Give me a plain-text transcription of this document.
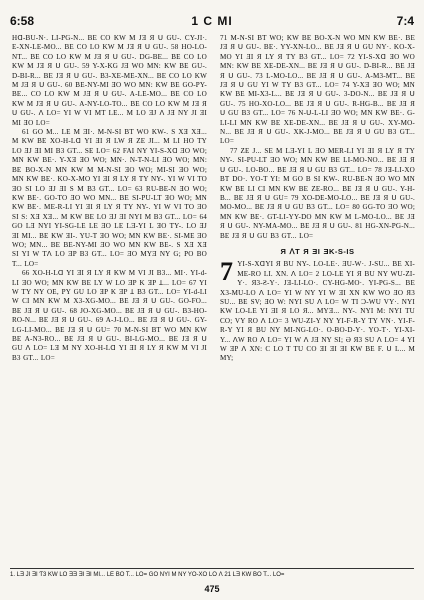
6:58	1 C MI	7:4

Hᗡ-BU-N·. LI-PG-N... BE CO KW M JƎ Я ᑌ GU-. CY-JI·. E-XN-LE-MO... BE CO LO KW M JƎ Я ᑌ GU-. 58 HO-LO-NT... BE CO LO KW M JƎ Я ᑌ GU-. DG-BE... BE CO LO KW M JƎ Я ᑌ GU-. 59 Y-X-KG JƎ WO MN: KW BE GU-. D-BI-R... BE JƎ Я ᑌ GU-. B3-XE-ME-XN... BE CO LO KW M JƎ Я ᑌ GU-. 60 BE-NY-MI ƎO WO MN: KW BE GO-PY-BE... CO LO KW M JƎ Я ᑌ GU-. A-LE-MO... BE CO LO KW M JƎ Я ᑌ GU-. A-NY-LO-TO... BE CO LO KW M JƎ Я ᑌ GU-. ᐱ LO= YI W VI MT LE... M LO ƎJ ᐱ JƎ NY JI ƎI MI ƎO LO=

61 GO M... LE M ƎI·. M-N-SI BT WO KW-. S XƎ XƎ... M KW BE XO-H-Lᗡ YI ƎI Я LW Я ZE JI... M LI HO TY LO ƎJ ƎI MI B3 GT... SE LO= 62 FAI NY YI-S-Xᗡ ƎO WO; MN KW BE·. Y-XƎ ƎO WO; MN·. N-T-N-LI ƎO WO; MN: BE BO-X-N MN KW M M-N-SI ƎO WO; MI-SI ƎO WO; MN KW BE·. KO-X-MO YI ƎI Я LY Я TY NY-. YI W VI TO ƎO SI LO ƎJ ƎI S M B3 GT... LO= 63 RU-BE-N ƎO WO; KW BE·. GO-TO ƎO WO MN... BE SI-PU-LT ƎO WO; MN KW BE·. ME-R-LI YI ƎI Я LY Я TY NY-. YI W VI TO ƎO SI S: XƎ XƎ... M KW BE LO ƎJ ƎI NYI M B3 GT... LO= 64 GO LƎ NYI YI-SG-LE LE ƎO LE LƎ-YI L ƎO TY-. LO ƎJ ƎI MI... BE KW ƎI-. YU-T ƎO WO; MN KW BE·. SI-ME ƎO WO; MN... BE BE-NY-MI ƎO WO MN KW BE-. S XƎ XƎ SI YI W Tᐱ LO ƎP B3 GT... LO= ƎO MYƎ NY G; PO BO T... LO=

66 XO-H-Lᗡ YI ƎI Я LY Я KW M VI JI B3... MI·. YI-d-LI ƎO WO; MN KW BE LY W LO ƎP K ƎP Ʇ... LO= 67 YI W TY NY OE, PY GU LO ƎP K ƎP Ʇ B3 GT... LO= YI-d-LI W CI MN KW M X3-XG-MO... BE JƎ Я ᑌ GU-. GO-FO... BE JƎ Я ᑌ GU-. 68 JO-XG-MO... BE JƎ Я ᑌ GU-. B3-HO-RO-N... BE JƎ Я ᑌ GU-. 69 A-J-LO... BE JƎ Я ᑌ GU-. GY-LG-LI-MO... BE JƎ Я ᑌ GU= 70 M-N-SI BT WO MN KW BE A-N3-RO... BE JƎ Я ᑌ GU-. BI-LG-MO... BE JƎ Я ᑌ GU ᐱ LO= LƎ M NY XO-H-Lᗡ YI ƎI Я LY Я KW M VI JI B3 GT... LO=

71 M-N-SI BT WO; KW BE BO-X-N WO MN KW BE·. BE JƎ Я ᑌ GU-. BE·. YY-XN-LO... BE JƎ Я ᑌ GU NY·. KO-X-MO YI ƎI Я LY Я TY B3 GT... LO= 72 YI-S-Xᗡ ƎO WO MN: KW BE XE-DE-XN... BE JƎ Я ᑌ GU-. D-BI-R... BE JƎ Я ᑌ GU-. 73 L-MO-LO... BE JƎ Я ᑌ GU-. A-M3-MT... BE JƎ Я ᑌ GU YI W TY B3 GT... LO= 74 Y-XƎ ƎO WO; MN KW BE MI-X3-L... BE JƎ Я ᑌ GU-. 3-DO-N... BE JƎ Я ᑌ GU-. 75 HO-XO-LO... BE JƎ Я ᑌ GU-. R-HG-B... BE JƎ Я ᑌ GU B3 GT... LO= 76 N-ᑌ-L-LI ƎO WO; MN KW BE·. G-LI-LI MN KW BE XE-DE-XN... BE JƎ Я ᑌ GU-. XY-MO-N... BE JƎ Я ᑌ GU-. XK-J-MO... BE JƎ Я ᑌ GU B3 GT... LO=

77 ZE J... SE M LƎ-YI L ƎO MER-LI YI ƎI Я LY Я TY NY-. SI-PU-LT ƎO WO; MN KW BE LI-MO-NO... BE JƎ Я ᑌ GU-. LO-BO... BE JƎ Я ᑌ GU B3 GT... LO= 78 JƎ-LI-XO BT DO·. YO-T YI: M GO B SI KW-. RU-BE-N ƎO WO MN KW BE LI CI MN KW BE ZE-RO... BE JƎ Я ᑌ GU-. Y-H-B... BE JƎ Я ᑌ GU= 79 XO-DE-MO-LO... BE JƎ Я ᑌ GU-. MO-MO... BE JƎ Я ᑌ GU B3 GT... LO= 80 GG-TO ƎO WO; MN KW BE·. GT-LI-YY-DO MN KW M L-MO-LO... BE JƎ Я ᑌ GU-. NY-MA-MO... BE JƎ Я ᑌ GU-. 81 HG-XN-PG-N... BE JƎ Я ᑌ GU B3 GT... LO=

Я ᐱT Я ƎI ƎK-S-IS

7 YI-S-XᗡYI Я BU NY-. LO-LE·. ƎU-W·. J-SU... BE XI-ME-RO LI. XN. ᐱ LO= 2 LO-LE YI Я BU NY WU-ZI-Y·. Я3-Ƨ-Y·. JƎ-LI-LO·. CY-HG-MO·. YI-PG-S... BE X3-MU-LO ᐱ LO= YI W NY YI W ƎI XN KW WO ƎO Я3 SU... BE SV; ƎO W: NYI SU ᐱ LO= W TI Ɔ-WU VY·. NYI KW LO-LE YI ƎI Я LO Я... MYƎ... NY-. NYI M: NYI TU CO; VY RO ᐱ LO= 3 WU-ZI-Y NY YI-F-R-Y TY VN·. YI-F-R-Y YI Я BU NY MI-NG-LO·. O-BO-D-Y·. YO-T·. YI-XI-Y... ᐱW RO ᐱ LO= YI W ᐱ JƎ NY SI; Ə Я3 SU ᐱ LO= 4 YI W ƎP ᐱ XN: C LO T TU CO ƎI ƎI ƎI KW BE F. ᑌ L... M MY;

1. LƎ JI ƎI Ƭ3 KW LO ƎƎ ƎI ƎI MI... LE BO T... LO= GO NYI M NY YO-XO LO ᐱ 21 LƎ KW BO T... LO=
475
